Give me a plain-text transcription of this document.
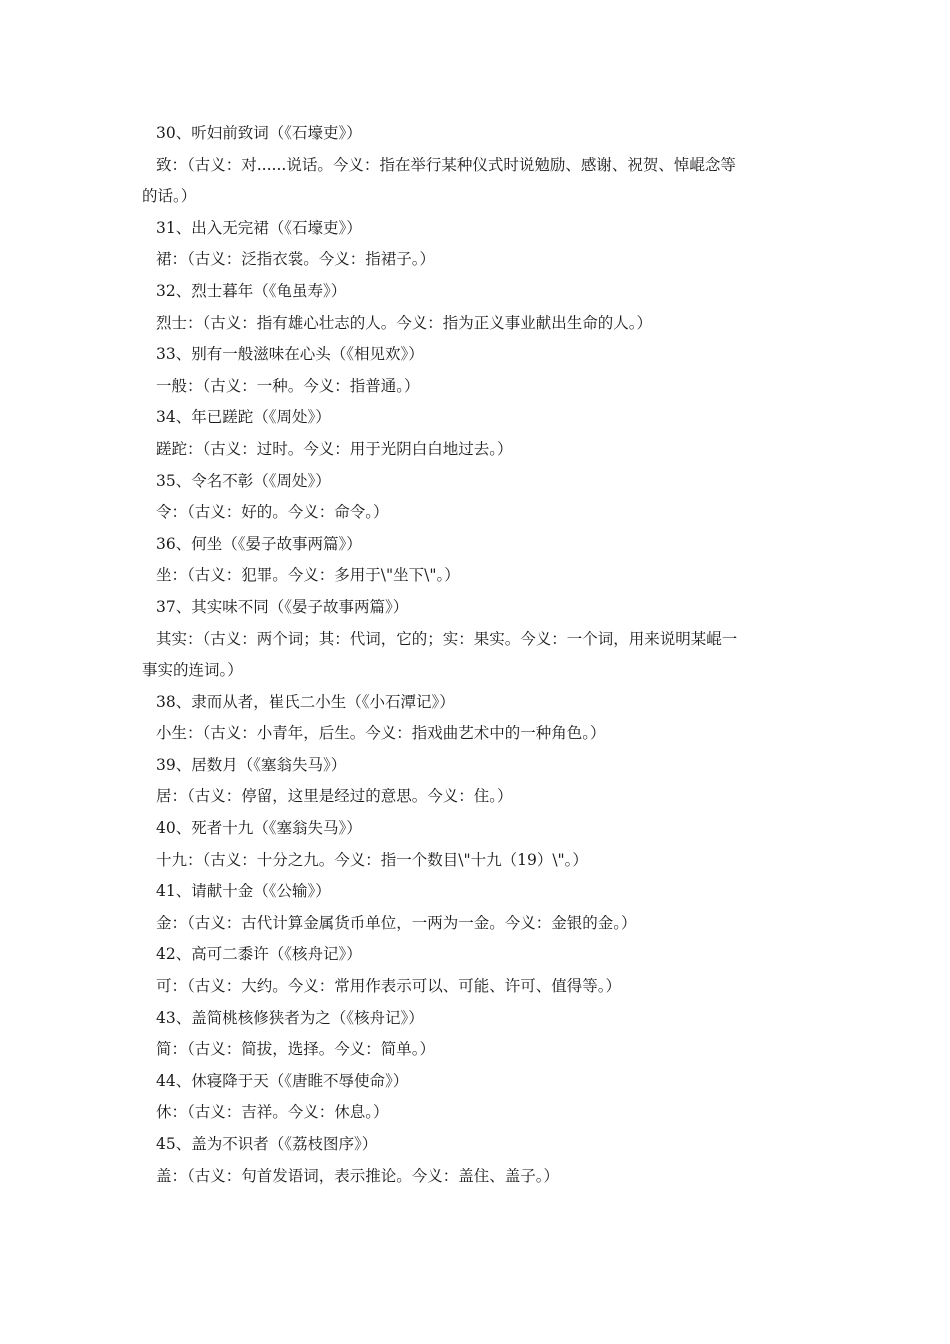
30、听妇前致词（《石壕吏》）
致：（古义：对......说话。今义：指在举行某种仪式时说勉励、感谢、祝贺、悼崐念等
的话。）
31、出入无完裙（《石壕吏》）
裙：（古义：泛指衣裳。今义：指裙子。）
32、烈士暮年（《龟虽寿》）
烈士：（古义：指有雄心壮志的人。今义：指为正义事业献出生命的人。）
33、别有一般滋味在心头（《相见欢》）
一般：（古义：一种。今义：指普通。）
34、年已蹉跎（《周处》）
蹉跎：（古义：过时。今义：用于光阴白白地过去。）
35、令名不彰（《周处》）
令：（古义：好的。今义：命令。）
36、何坐（《晏子故事两篇》）
坐：（古义：犯罪。今义：多用于\"坐下\"。）
37、其实味不同（《晏子故事两篇》）
其实：（古义：两个词；其：代词，它的；实：果实。今义：一个词，用来说明某崐一
事实的连词。）
38、隶而从者，崔氏二小生（《小石潭记》）
小生：（古义：小青年，后生。今义：指戏曲艺术中的一种角色。）
39、居数月（《塞翁失马》）
居：（古义：停留，这里是经过的意思。今义：住。）
40、死者十九（《塞翁失马》）
十九：（古义：十分之九。今义：指一个数目\"十九（19）\"。）
41、请献十金（《公输》）
金：（古义：古代计算金属货币单位，一两为一金。今义：金银的金。）
42、高可二黍许（《核舟记》）
可：（古义：大约。今义：常用作表示可以、可能、许可、值得等。）
43、盖简桃核修狭者为之（《核舟记》）
简：（古义：简拔，选择。今义：简单。）
44、休寝降于天（《唐睢不辱使命》）
休：（古义：吉祥。今义：休息。）
45、盖为不识者（《荔枝图序》）
盖：（古义：句首发语词，表示推论。今义：盖住、盖子。）
